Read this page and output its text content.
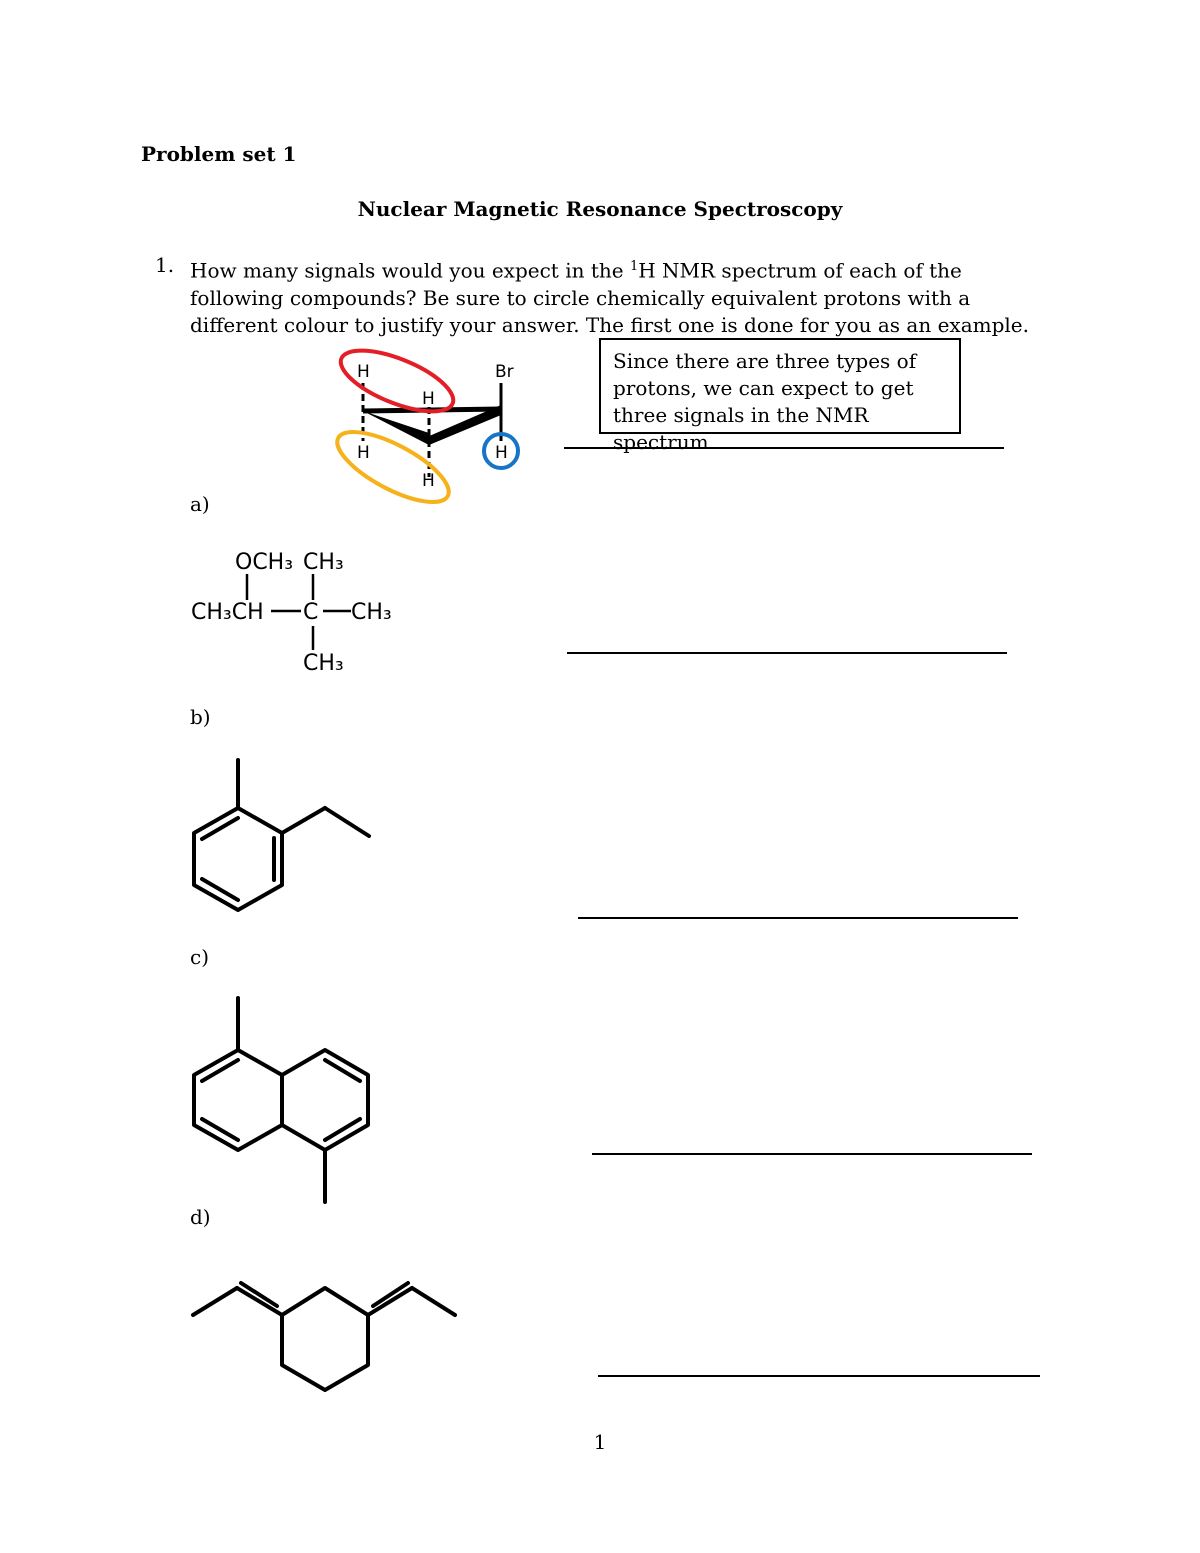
Problem set 1
Nuclear Magnetic Resonance Spectroscopy
1. How many signals would you expect in the $^1$H NMR spectrum of each of the following compounds? Be sure to circle chemically equivalent protons with a different colour to justify your answer. The first one is done for you as an example.
H
H
Br
H
H
H
Since there are three types of protons, we can expect to get three signals in the NMR spectrum
a)
OCH₃ CH₃
CH₃CH C CH₃
CH₃
b)
c)
d)
1
